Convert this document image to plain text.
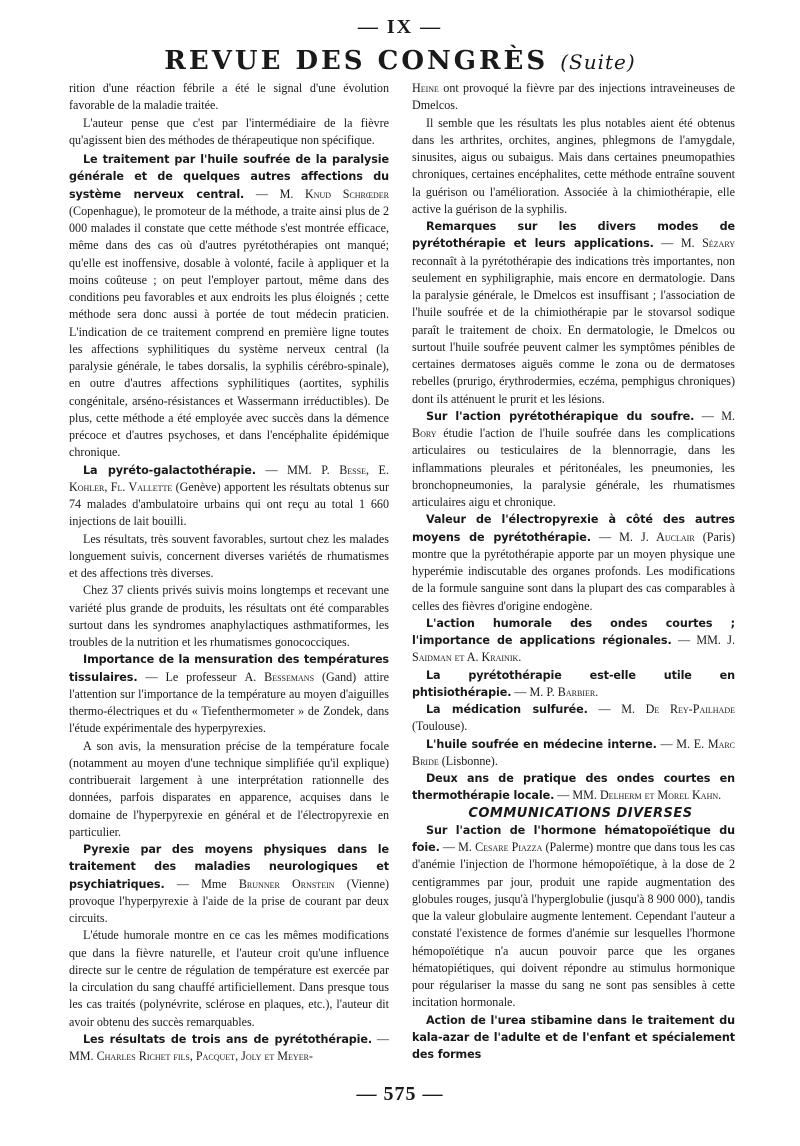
— IX —
REVUE DES CONGRÈS (Suite)

rition d'une réaction fébrile a été le signal d'une évolution favorable de la maladie traitée.

L'auteur pense que c'est par l'intermédiaire de la fièvre qu'agissent bien des méthodes de thérapeutique non spécifique.

Le traitement par l'huile soufrée de la paralysie générale et de quelques autres affections du système nerveux central. — M. Knud Schrœder (Copenhague), le promoteur de la méthode, a traite ainsi plus de 2 000 malades il constate que cette méthode s'est montrée efficace, même dans des cas où d'autres pyrétothérapies ont manqué; qu'elle est inoffensive, dosable à volonté, facile à appliquer et la moins coûteuse ; on peut l'employer partout, même dans des conditions peu favorables et aux endroits les plus éloignés ; cette méthode sera donc aussi à portée de tout médecin praticien. L'indication de ce traitement comprend en première ligne toutes les affections syphilitiques du système nerveux central (la paralysie générale, le tabes dorsalis, la syphilis cérébro-spinale), en outre d'autres affections syphilitiques (aortites, syphilis congénitale, arséno-résistances et Wassermann irréductibles). De plus, cette méthode a été employée avec succès dans la démence précoce et d'autres psychoses, et dans l'encéphalite épidémique chronique.

La pyréto-galactothérapie. — MM. P. Besse, E. Kohler, Fl. Vallette (Genève) apportent les résultats obtenus sur 74 malades d'ambulatoire urbains qui ont reçu au total 1 660 injections de lait bouilli.

Les résultats, très souvent favorables, surtout chez les malades longuement suivis, concernent diverses variétés de rhumatismes et des affections très diverses.

Chez 37 clients privés suivis moins longtemps et recevant une variété plus grande de produits, les résultats ont été comparables surtout dans les syndromes anaphylactiques asthmatiformes, les troubles de la nutrition et les rhumatismes gonococciques.

Importance de la mensuration des températures tissulaires. — Le professeur A. Bessemans (Gand) attire l'attention sur l'importance de la température au moyen d'aiguilles thermo-électriques et du « Tiefenthermometer » de Zondek, dans l'étude expérimentale des hyperpyrexies.

A son avis, la mensuration précise de la température focale (notamment au moyen d'une technique simplifiée qu'il explique) contribuerait largement à une interprétation rationnelle des données, parfois disparates en apparence, acquises dans le domaine de l'hyperpyrexie en général et de l'électropyrexie en particulier.

Pyrexie par des moyens physiques dans le traitement des maladies neurologiques et psychiatriques. — Mme Brunner Ornstein (Vienne) provoque l'hyperpyrexie à l'aide de la prise de courant par deux circuits.

L'étude humorale montre en ce cas les mêmes modifications que dans la fièvre naturelle, et l'auteur croit qu'une influence directe sur le centre de régulation de température est exercée par la circulation du sang chauffé artificiellement. Dans presque tous les cas traités (polynévrite, sclérose en plaques, etc.), l'auteur dit avoir obtenu des succès remarquables.

Les résultats de trois ans de pyrétothérapie. — MM. Charles Richet fils, Pacquet, Joly et Meyer-

Heine ont provoqué la fièvre par des injections intraveineuses de Dmelcos.

Il semble que les résultats les plus notables aient été obtenus dans les arthrites, orchites, angines, phlegmons de l'amygdale, sinusites, aigus ou subaigus. Mais dans certaines pneumopathies chroniques, certaines encéphalites, cette méthode entraîne souvent la guérison ou l'amélioration. Associée à la chimiothérapie, elle active la guérison de la syphilis.

Remarques sur les divers modes de pyrétothérapie et leurs applications. — M. Sézary reconnaît à la pyrétothérapie des indications très importantes, non seulement en syphiligraphie, mais encore en dermatologie. Dans la paralysie générale, le Dmelcos est insuffisant ; l'association de l'huile soufrée et de la chimiothérapie par le stovarsol sodique paraît le traitement de choix. En dermatologie, le Dmelcos ou surtout l'huile soufrée peuvent calmer les symptômes pénibles de certaines dermatoses aiguës comme le zona ou de dermatoses rebelles (prurigo, érythrodermies, eczéma, pemphigus chroniques) dont ils atténuent le prurit et les lésions.

Sur l'action pyrétothérapique du soufre. — M. Bory étudie l'action de l'huile soufrée dans les complications articulaires ou testiculaires de la blennorragie, dans les inflammations pleurales et péritonéales, les pneumonies, les bronchopneumonies, la paralysie générale, les rhumatismes articulaires aigu et chronique.

Valeur de l'électropyrexie à côté des autres moyens de pyrétothérapie. — M. J. Auclair (Paris) montre que la pyrétothérapie apporte par un moyen physique une hyperémie indiscutable des organes profonds. Les modifications de la formule sanguine sont dans la plupart des cas comparables à celles des fièvres d'origine endogène.

L'action humorale des ondes courtes ; l'importance de applications régionales. — MM. J. Saidman et A. Krainik.

La pyrétothérapie est-elle utile en phtisiothérapie. — M. P. Barbier.

La médication sulfurée. — M. De Rey-Pailhade (Toulouse).

L'huile soufrée en médecine interne. — M. E. Marc Bride (Lisbonne).

Deux ans de pratique des ondes courtes en thermothérapie locale. — MM. Delherm et Morel Kahn.

COMMUNICATIONS DIVERSES

Sur l'action de l'hormone hématopoïétique du foie. — M. Cesare Piazza (Palerme) montre que dans tous les cas d'anémie l'injection de l'hormone hémopoïétique, à la dose de 2 centigrammes par jour, produit une rapide augmentation des globules rouges, jusqu'à l'hyperglobulie (jusqu'à 8 900 000), tandis que la valeur globulaire augmente lentement. Cependant l'auteur a constaté l'existence de formes d'anémie sur lesquelles l'hormone hémopoïétique n'a aucun pouvoir parce que les organes hématopiétiques, qui doivent répondre au stimulus hormonique pour régulariser la masse du sang ne sont pas sensibles à cette incitation hormonale.

Action de l'urea stibamine dans le traitement du kala-azar de l'adulte et de l'enfant et spécialement des formes

— 575 —
